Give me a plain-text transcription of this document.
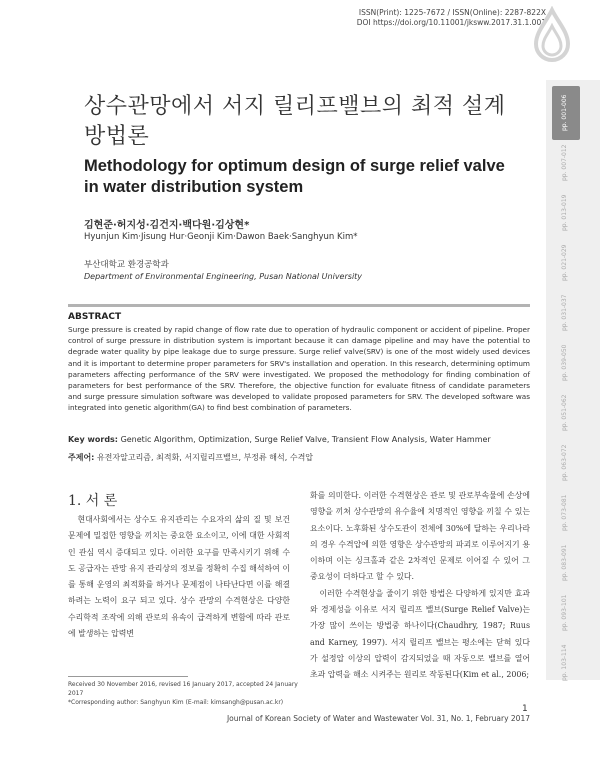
ISSN(Print): 1225-7672 / ISSN(Online): 2287-822X
DOI https://doi.org/10.11001/jksww.2017.31.1.001
pp. 001-006
pp. 007-012
pp. 013-019
pp. 021-029
pp. 031-037
pp. 039-050
pp. 051-062
pp. 063-072
pp. 073-081
pp. 083-091
pp. 093-101
pp. 103-114
상수관망에서 서지 릴리프밸브의 최적 설계
방법론
Methodology for optimum design of surge relief valve in water distribution system
김현준·허지성·김건지·백다원·김상현*
Hyunjun Kim·Jisung Hur·Geonji Kim·Dawon Baek·Sanghyun Kim*
부산대학교 환경공학과
Department of Environmental Engineering, Pusan National University
ABSTRACT
Surge pressure is created by rapid change of flow rate due to operation of hydraulic component or accident of pipeline. Proper control of surge pressure in distribution system is important because it can damage pipeline and may have the potential to degrade water quality by pipe leakage due to surge pressure. Surge relief valve(SRV) is one of the most widely used devices and it is important to determine proper parameters for SRV's installation and operation. In this research, determining optimum parameters affecting performance of the SRV were investigated. We proposed the methodology for finding combination of parameters for best performance of the SRV. Therefore, the objective function for evaluate fitness of candidate parameters and surge pressure simulation software was developed to validate proposed parameters for SRV. The developed software was integrated into genetic algorithm(GA) to find best combination of parameters.
Key words: Genetic Algorithm, Optimization, Surge Relief Valve, Transient Flow Analysis, Water Hammer
주제어: 유전자알고리즘, 최적화, 서지릴리프밸브, 부정류 해석, 수격압
1. 서 론

현대사회에서는 상수도 유지관리는 수요자의 삶의 질 및 보건 문제에 밀접한 영향을 끼치는 중요한 요소이고, 이에 대한 사회적인 관심 역시 증대되고 있다. 이러한 요구를 만족시키기 위해 수도 공급자는 관망 유지 관리상의 정보를 정확히 수집 해석하여 이를 통해 운영의 최적화를 하거나 문제점이 나타난다면 이를 해결하려는 노력이 요구 되고 있다. 상수 관망의 수격현상은 다양한 수리학적 조작에 의해 관로의 유속이 급격하게 변함에 따라 관로에 발생하는 압력변

화를 의미한다. 이러한 수격현상은 관로 및 관로부속물에 손상에 영향을 끼쳐 상수관망의 유수율에 치명적인 영향을 끼칠 수 있는 요소이다. 노후화된 상수도관이 전체에 30%에 달하는 우리나라의 경우 수격압에 의한 영향은 상수관망의 파괴로 이루어지기 용이하며 이는 싱크홀과 같은 2차적인 문제로 이어질 수 있어 그 중요성이 더하다고 할 수 있다.

이러한 수격현상을 줄이기 위한 방법은 다양하게 있지만 효과와 경제성을 이유로 서지 릴리프 밸브(Surge Relief Valve)는 가장 많이 쓰이는 방법중 하나이다(Chaudhry, 1987; Ruus and Karney, 1997). 서지 릴리프 밸브는 평소에는 닫혀 있다가 설정압 이상의 압력이 감지되었을 때 자동으로 밸브를 열어 초과 압력을 해소 시켜주는 원리로 작동된다(Kim et al., 2006;

Received 30 November 2016, revised 16 January 2017, accepted 24 January 2017
*Corresponding author: Sanghyun Kim (E-mail: kimsangh@pusan.ac.kr)
1
Journal of Korean Society of Water and Wastewater Vol. 31, No. 1, February 2017
